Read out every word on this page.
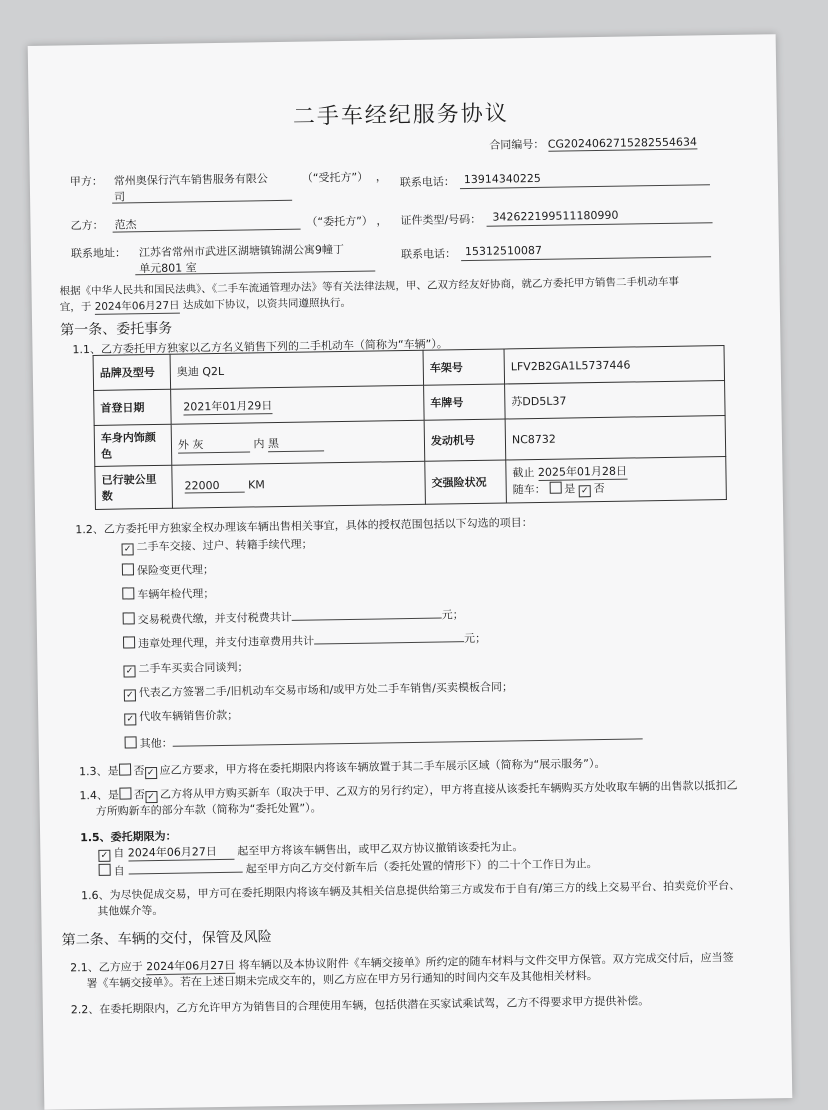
二手车经纪服务协议
合同编号： CG2024062715282554634
甲方： 常州奥保行汽车销售服务有限公
司
（“受托方”） ， 联系电话： 13914340225
乙方： 范杰	（“委托方”） ， 证件类型/号码： 342622199511180990
联系地址： 江苏省常州市武进区湖塘镇锦湖公寓9幢丁
单元801 室
联系电话： 15312510087
根据《中华人民共和国民法典》、《二手车流通管理办法》等有关法律法规，甲、乙双方经友好协商，就乙方委托甲方销售二手机动车事
宜，于 2024年06月27日 达成如下协议，以资共同遵照执行。
第一条、委托事务
1.1、乙方委托甲方独家以乙方名义销售下列的二手机动车（简称为“车辆”）。
品牌及型号	奥迪 Q2L	车架号	LFV2B2GA1L5737446
首登日期	2021年01月29日	车牌号	苏DD5L37
车身内饰颜色	外 灰 内 黑	发动机号	NC8732
已行驶公里数	22000 KM	交强险状况	截止 2025年01月28日
随车： 是 ✓ 否
1.2、乙方委托甲方独家全权办理该车辆出售相关事宜，具体的授权范围包括以下勾选的项目：
✓ 二手车交接、过户、转籍手续代理；
保险变更代理；
车辆年检代理；
交易税费代缴，并支付税费共计	元；
违章处理代理，并支付违章费用共计	元；
✓ 二手车买卖合同谈判；
✓ 代表乙方签署二手/旧机动车交易市场和/或甲方处二手车销售/买卖模板合同；
✓ 代收车辆销售价款；
其他：
1.3、是 否 ✓ 应乙方要求，甲方将在委托期限内将该车辆放置于其二手车展示区域（简称为“展示服务”）。
1.4、是 否 ✓ 乙方将从甲方购买新车（取决于甲、乙双方的另行约定），甲方将直接从该委托车辆购买方处收取车辆的出售款以抵扣乙
方所购新车的部分车款（简称为“委托处置”）。
1.5、委托期限为：
✓ 自 2024年06月27日 起至甲方将该车辆售出，或甲乙双方协议撤销该委托为止。
自	起至甲方向乙方交付新车后（委托处置的情形下）的二十个工作日为止。
1.6、为尽快促成交易，甲方可在委托期限内将该车辆及其相关信息提供给第三方或发布于自有/第三方的线上交易平台、拍卖竞价平台、
其他媒介等。
第二条、车辆的交付，保管及风险
2.1、乙方应于 2024年06月27日 将车辆以及本协议附件《车辆交接单》所约定的随车材料与文件交甲方保管。双方完成交付后，应当签
署《车辆交接单》。若在上述日期未完成交车的，则乙方应在甲方另行通知的时间内交车及其他相关材料。
2.2、在委托期限内，乙方允许甲方为销售目的合理使用车辆，包括供潜在买家试乘试驾，乙方不得要求甲方提供补偿。
